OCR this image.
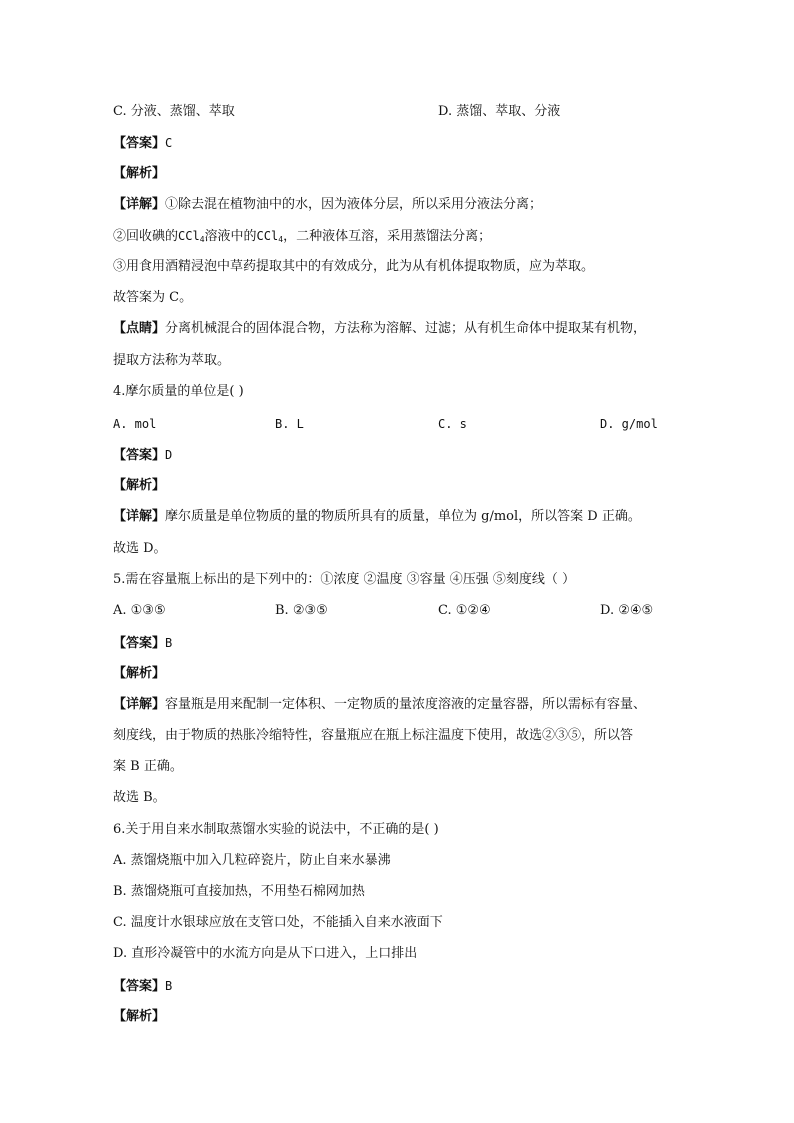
C. 分液、蒸馏、萃取	D. 蒸馏、萃取、分液
【答案】C
【解析】
【详解】①除去混在植物油中的水，因为液体分层，所以采用分液法分离；
②回收碘的CCl$_4$溶液中的CCl$_4$，二种液体互溶，采用蒸馏法分离；
③用食用酒精浸泡中草药提取其中的有效成分，此为从有机体提取物质，应为萃取。
故答案为 C。
【点睛】分离机械混合的固体混合物，方法称为溶解、过滤；从有机生命体中提取某有机物，
提取方法称为萃取。
4.摩尔质量的单位是( )
A. mol	B. L	C. s	D. g/mol
【答案】D
【解析】
【详解】摩尔质量是单位物质的量的物质所具有的质量，单位为 g/mol，所以答案 D 正确。
故选 D。
5.需在容量瓶上标出的是下列中的：①浓度 ②温度 ③容量 ④压强 ⑤刻度线（ ）
A. ①③⑤	B. ②③⑤	C. ①②④	D. ②④⑤
【答案】B
【解析】
【详解】容量瓶是用来配制一定体积、一定物质的量浓度溶液的定量容器，所以需标有容量、
刻度线，由于物质的热胀冷缩特性，容量瓶应在瓶上标注温度下使用，故选②③⑤，所以答
案 B 正确。
故选 B。
6.关于用自来水制取蒸馏水实验的说法中，不正确的是( )
A. 蒸馏烧瓶中加入几粒碎瓷片，防止自来水暴沸
B. 蒸馏烧瓶可直接加热，不用垫石棉网加热
C. 温度计水银球应放在支管口处，不能插入自来水液面下
D. 直形冷凝管中的水流方向是从下口进入，上口排出
【答案】B
【解析】
